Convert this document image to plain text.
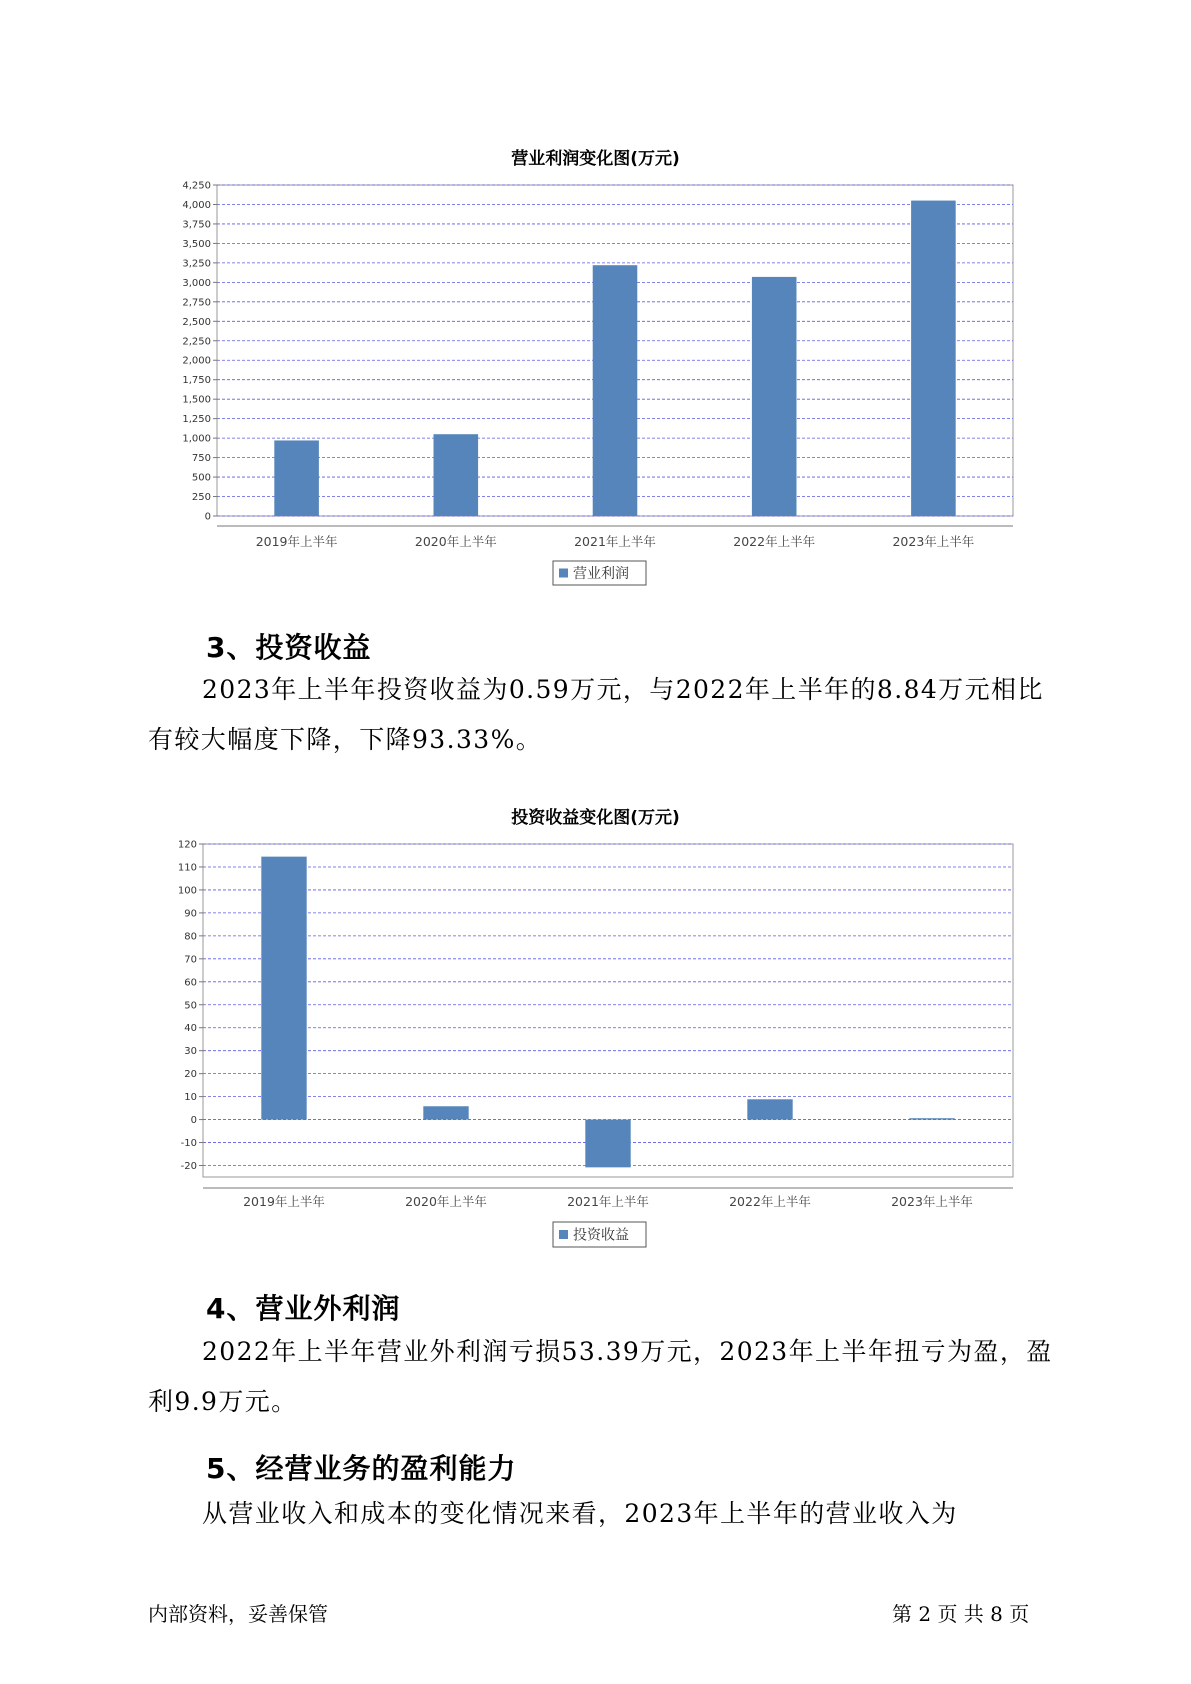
营业利润变化图(万元)
0
250
500
750
1,000
1,250
1,500
1,750
2,000
2,250
2,500
2,750
3,000
3,250
3,500
3,750
4,000
4,250
2019年上半年	2020年上半年	2021年上半年	2022年上半年	2023年上半年
营业利润
3、投资收益
2023年上半年投资收益为0.59万元，与2022年上半年的8.84万元相比
有较大幅度下降，下降93.33%。
投资收益变化图(万元)
-20
-10
0
10
20
30
40
50
60
70
80
90
100
110
120
2019年上半年	2020年上半年	2021年上半年	2022年上半年	2023年上半年
投资收益
4、营业外利润
2022年上半年营业外利润亏损53.39万元，2023年上半年扭亏为盈，盈
利9.9万元。
5、经营业务的盈利能力
从营业收入和成本的变化情况来看，2023年上半年的营业收入为
内部资料，妥善保管	第 2 页 共 8 页
